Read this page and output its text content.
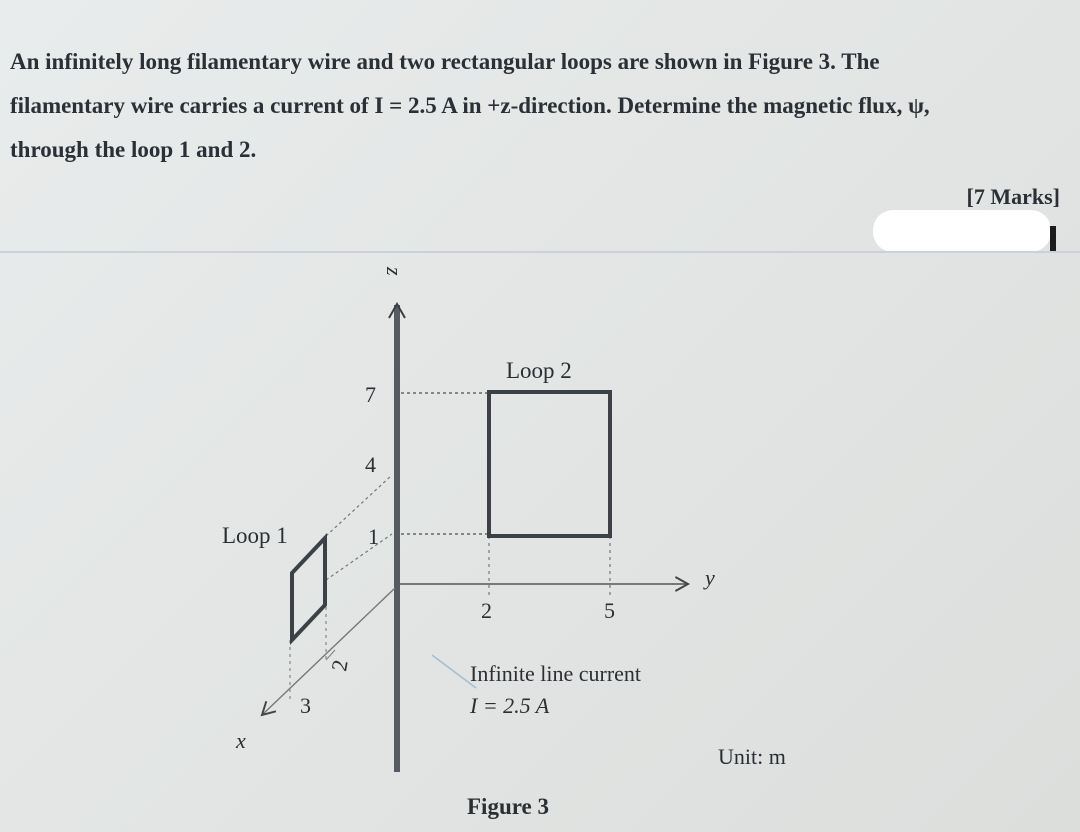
An infinitely long filamentary wire and two rectangular loops are shown in Figure 3. The
filamentary wire carries a current of I = 2.5 A in +z-direction. Determine the magnetic flux, ψ,
through the loop 1 and 2.
[7 Marks]
z
y
x
Loop 2
Loop 1
7
4
1
2	5
2
3
Infinite line current
I = 2.5 A
Unit: m
Figure 3
